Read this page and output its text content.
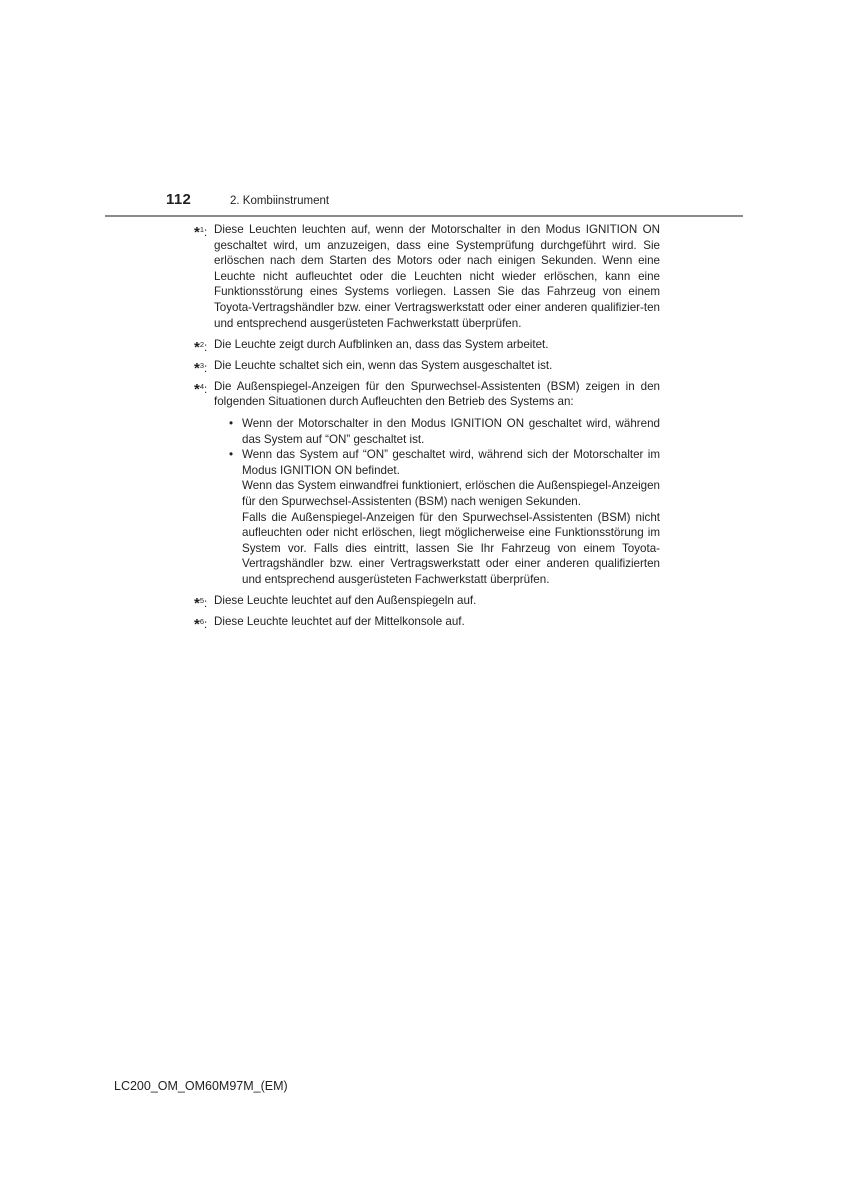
112	2. Kombiinstrument
*$^1$: Diese Leuchten leuchten auf, wenn der Motorschalter in den Modus IGNITION ON geschaltet wird, um anzuzeigen, dass eine Systemprüfung durchgeführt wird. Sie erlöschen nach dem Starten des Motors oder nach einigen Sekunden. Wenn eine Leuchte nicht aufleuchtet oder die Leuchten nicht wieder erlöschen, kann eine Funktionsstörung eines Systems vorliegen. Lassen Sie das Fahrzeug von einem Toyota-Vertragshändler bzw. einer Vertragswerkstatt oder einer anderen qualifizier-ten und entsprechend ausgerüsteten Fachwerkstatt überprüfen.
*$^2$: Die Leuchte zeigt durch Aufblinken an, dass das System arbeitet.
*$^3$: Die Leuchte schaltet sich ein, wenn das System ausgeschaltet ist.
*$^4$: Die Außenspiegel-Anzeigen für den Spurwechsel-Assistenten (BSM) zeigen in den folgenden Situationen durch Aufleuchten den Betrieb des Systems an:
• Wenn der Motorschalter in den Modus IGNITION ON geschaltet wird, während das System auf “ON” geschaltet ist.
• Wenn das System auf “ON” geschaltet wird, während sich der Motorschalter im Modus IGNITION ON befindet.
Wenn das System einwandfrei funktioniert, erlöschen die Außenspiegel-Anzeigen für den Spurwechsel-Assistenten (BSM) nach wenigen Sekunden.
Falls die Außenspiegel-Anzeigen für den Spurwechsel-Assistenten (BSM) nicht aufleuchten oder nicht erlöschen, liegt möglicherweise eine Funktionsstörung im System vor. Falls dies eintritt, lassen Sie Ihr Fahrzeug von einem Toyota-Vertragshändler bzw. einer Vertragswerkstatt oder einer anderen qualifizierten und entsprechend ausgerüsteten Fachwerkstatt überprüfen.
*$^5$: Diese Leuchte leuchtet auf den Außenspiegeln auf.
*$^6$: Diese Leuchte leuchtet auf der Mittelkonsole auf.
LC200_OM_OM60M97M_(EM)
